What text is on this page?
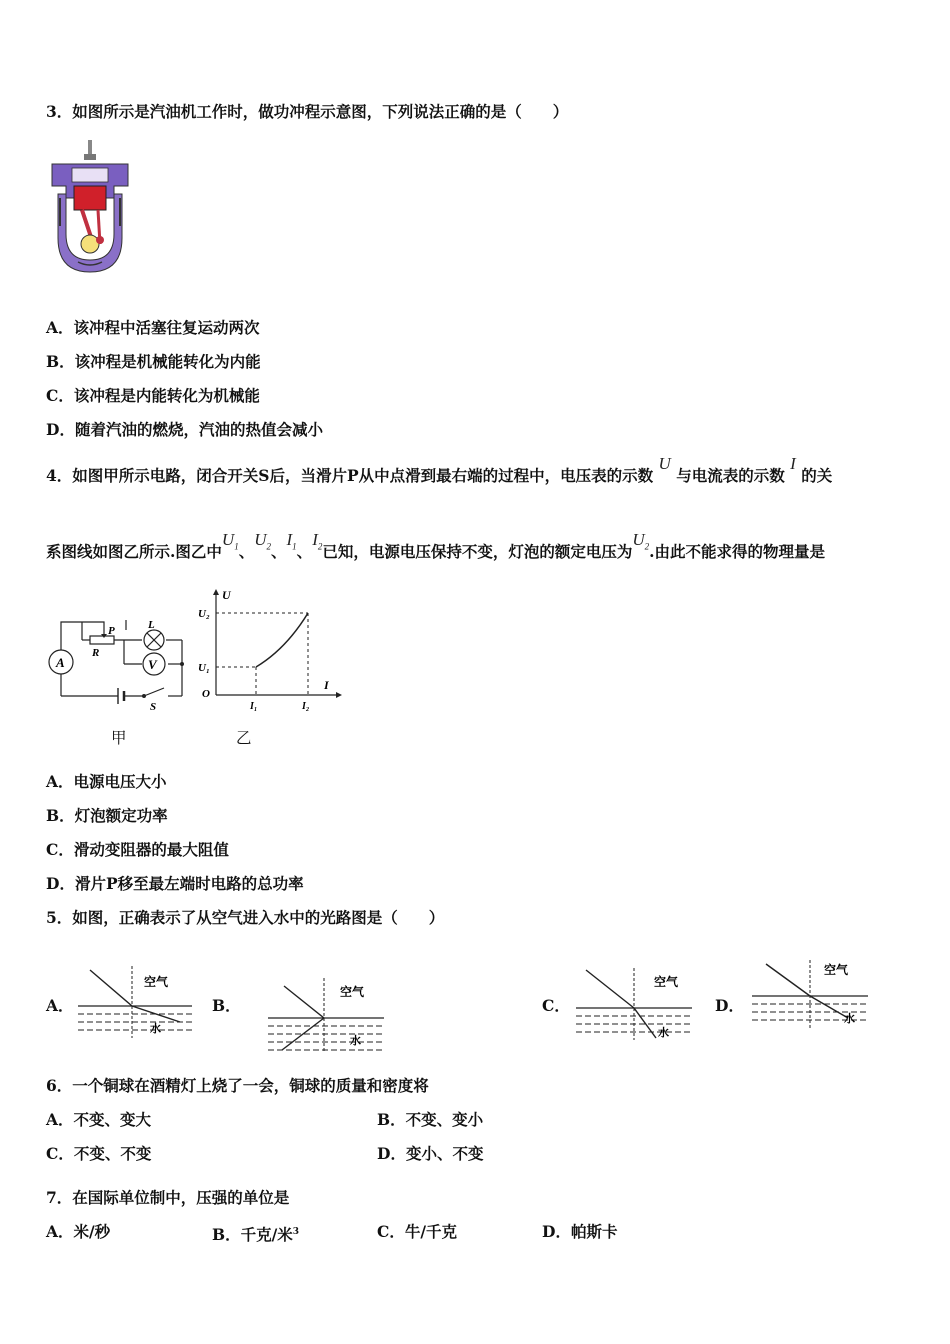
3．如图所示是汽油机工作时，做功冲程示意图，下列说法正确的是（　　）
A．该冲程中活塞往复运动两次
B．该冲程是机械能转化为内能
C．该冲程是内能转化为机械能
D．随着汽油的燃烧，汽油的热值会减小
4．如图甲所示电路，闭合开关S后，当滑片P从中点滑到最右端的过程中，电压表的示数 U 与电流表的示数 I 的关
系图线如图乙所示.图乙中$U_1$、$U_2$、$I_1$、$I_2$已知，电源电压保持不变，灯泡的额定电压为$U_2$.由此不能求得的物理量是
A	V
P
R
L
S
甲
U
U₂
U₁
O
I
I₁	I₂
乙
A．电源电压大小
B．灯泡额定功率
C．滑动变阻器的最大阻值
D．滑片P移至最左端时电路的总功率
5．如图，正确表示了从空气进入水中的光路图是（　　）
A．
空气
水
B．
空气
水
C．
空气
水
D．
空气
水
6．一个铜球在酒精灯上烧了一会，铜球的质量和密度将
A．不变、变大	B．不变、变小
C．不变、不变	D．变小、不变
7．在国际单位制中，压强的单位是
A．米/秒	B．千克/米$^3$	C．牛/千克	D．帕斯卡
